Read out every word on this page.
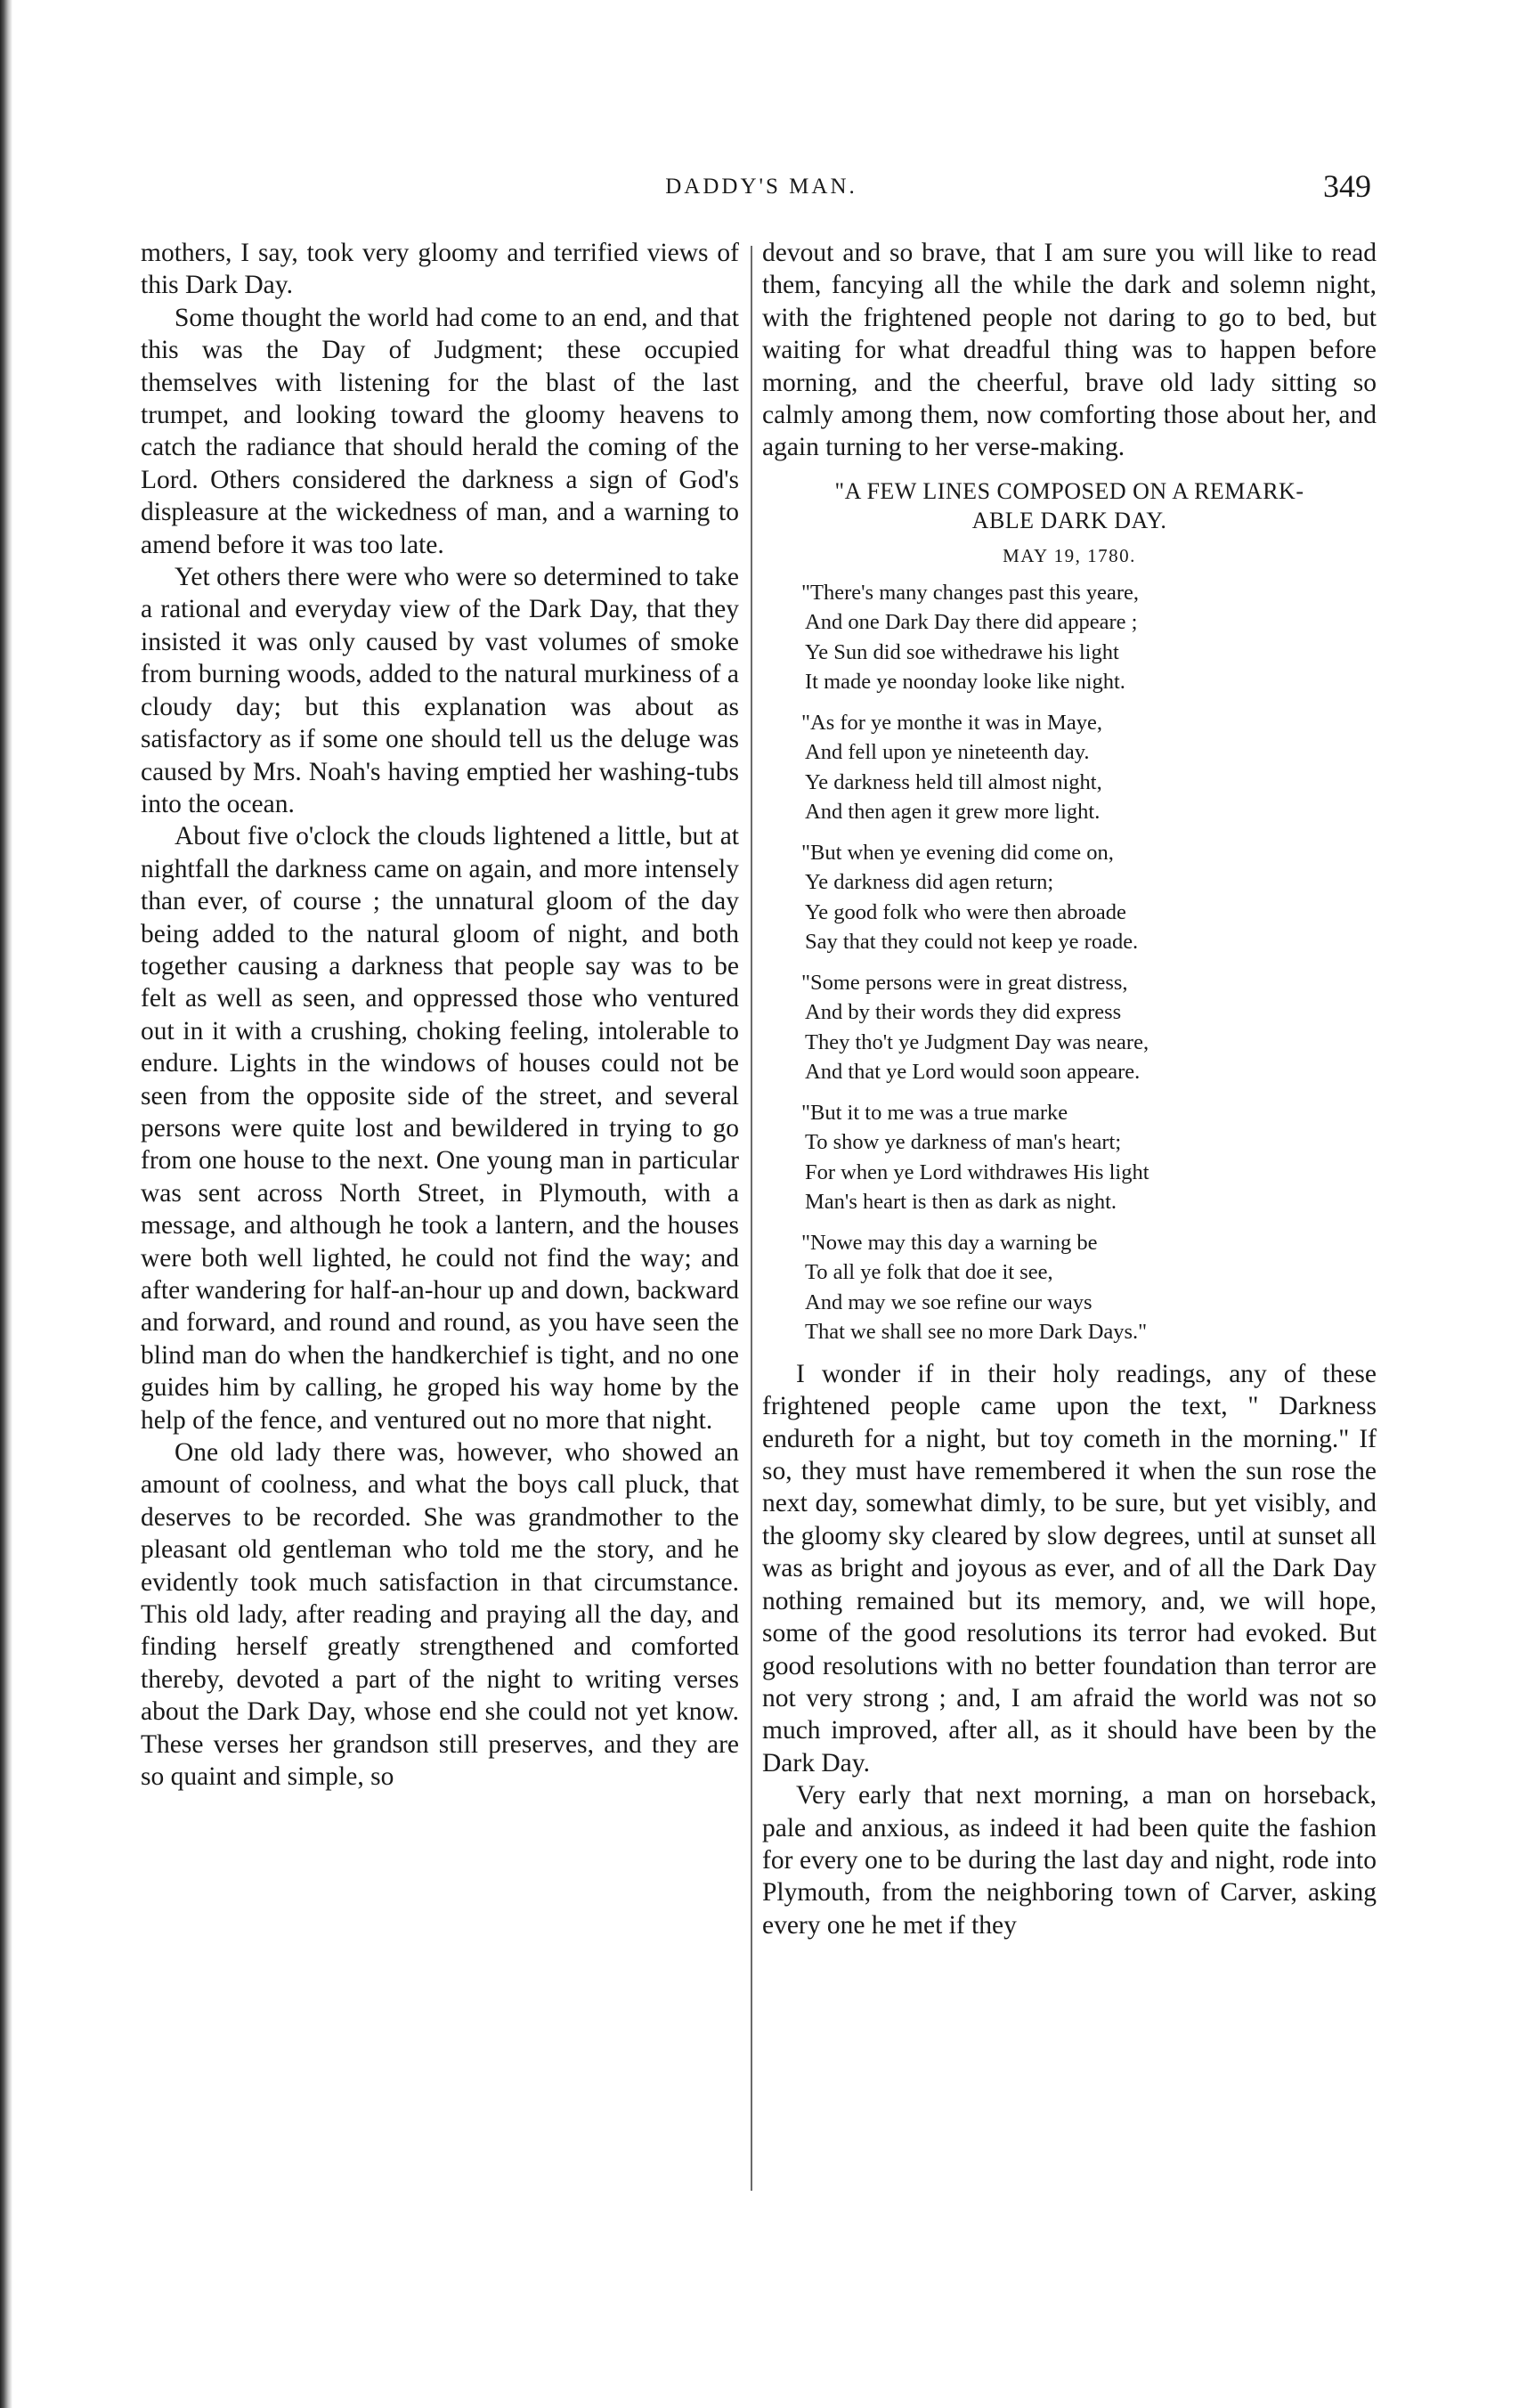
DADDY'S MAN.	349

mothers, I say, took very gloomy and terrified views of this Dark Day.

Some thought the world had come to an end, and that this was the Day of Judgment; these occupied themselves with listening for the blast of the last trumpet, and looking toward the gloomy heavens to catch the radiance that should herald the coming of the Lord. Others considered the darkness a sign of God's displeasure at the wickedness of man, and a warning to amend before it was too late.

Yet others there were who were so determined to take a rational and everyday view of the Dark Day, that they insisted it was only caused by vast volumes of smoke from burning woods, added to the natural murkiness of a cloudy day; but this explanation was about as satisfactory as if some one should tell us the deluge was caused by Mrs. Noah's having emptied her washing-tubs into the ocean.

About five o'clock the clouds lightened a little, but at nightfall the darkness came on again, and more intensely than ever, of course ; the unnatural gloom of the day being added to the natural gloom of night, and both together causing a darkness that people say was to be felt as well as seen, and oppressed those who ventured out in it with a crushing, choking feeling, intolerable to endure. Lights in the windows of houses could not be seen from the opposite side of the street, and several persons were quite lost and bewildered in trying to go from one house to the next. One young man in particular was sent across North Street, in Plymouth, with a message, and although he took a lantern, and the houses were both well lighted, he could not find the way; and after wandering for half-an-hour up and down, backward and forward, and round and round, as you have seen the blind man do when the handkerchief is tight, and no one guides him by calling, he groped his way home by the help of the fence, and ventured out no more that night.

One old lady there was, however, who showed an amount of coolness, and what the boys call pluck, that deserves to be recorded. She was grandmother to the pleasant old gentleman who told me the story, and he evidently took much satisfaction in that circumstance. This old lady, after reading and praying all the day, and finding herself greatly strengthened and comforted thereby, devoted a part of the night to writing verses about the Dark Day, whose end she could not yet know. These verses her grandson still preserves, and they are so quaint and simple, so

devout and so brave, that I am sure you will like to read them, fancying all the while the dark and solemn night, with the frightened people not daring to go to bed, but waiting for what dreadful thing was to happen before morning, and the cheerful, brave old lady sitting so calmly among them, now comforting those about her, and again turning to her verse-making.

"A FEW LINES COMPOSED ON A REMARK-
ABLE DARK DAY.
MAY 19, 1780.
"There's many changes past this yeare,
And one Dark Day there did appeare ;
Ye Sun did soe withedrawe his light
It made ye noonday looke like night.
"As for ye monthe it was in Maye,
And fell upon ye nineteenth day.
Ye darkness held till almost night,
And then agen it grew more light.
"But when ye evening did come on,
Ye darkness did agen return;
Ye good folk who were then abroade
Say that they could not keep ye roade.
"Some persons were in great distress,
And by their words they did express
They tho't ye Judgment Day was neare,
And that ye Lord would soon appeare.
"But it to me was a true marke
To show ye darkness of man's heart;
For when ye Lord withdrawes His light
Man's heart is then as dark as night.
"Nowe may this day a warning be
To all ye folk that doe it see,
And may we soe refine our ways
That we shall see no more Dark Days."

I wonder if in their holy readings, any of these frightened people came upon the text, " Darkness endureth for a night, but toy cometh in the morning." If so, they must have remembered it when the sun rose the next day, somewhat dimly, to be sure, but yet visibly, and the gloomy sky cleared by slow degrees, until at sunset all was as bright and joyous as ever, and of all the Dark Day nothing remained but its memory, and, we will hope, some of the good resolutions its terror had evoked. But good resolutions with no better foundation than terror are not very strong ; and, I am afraid the world was not so much improved, after all, as it should have been by the Dark Day.

Very early that next morning, a man on horseback, pale and anxious, as indeed it had been quite the fashion for every one to be during the last day and night, rode into Plymouth, from the neighboring town of Carver, asking every one he met if they
